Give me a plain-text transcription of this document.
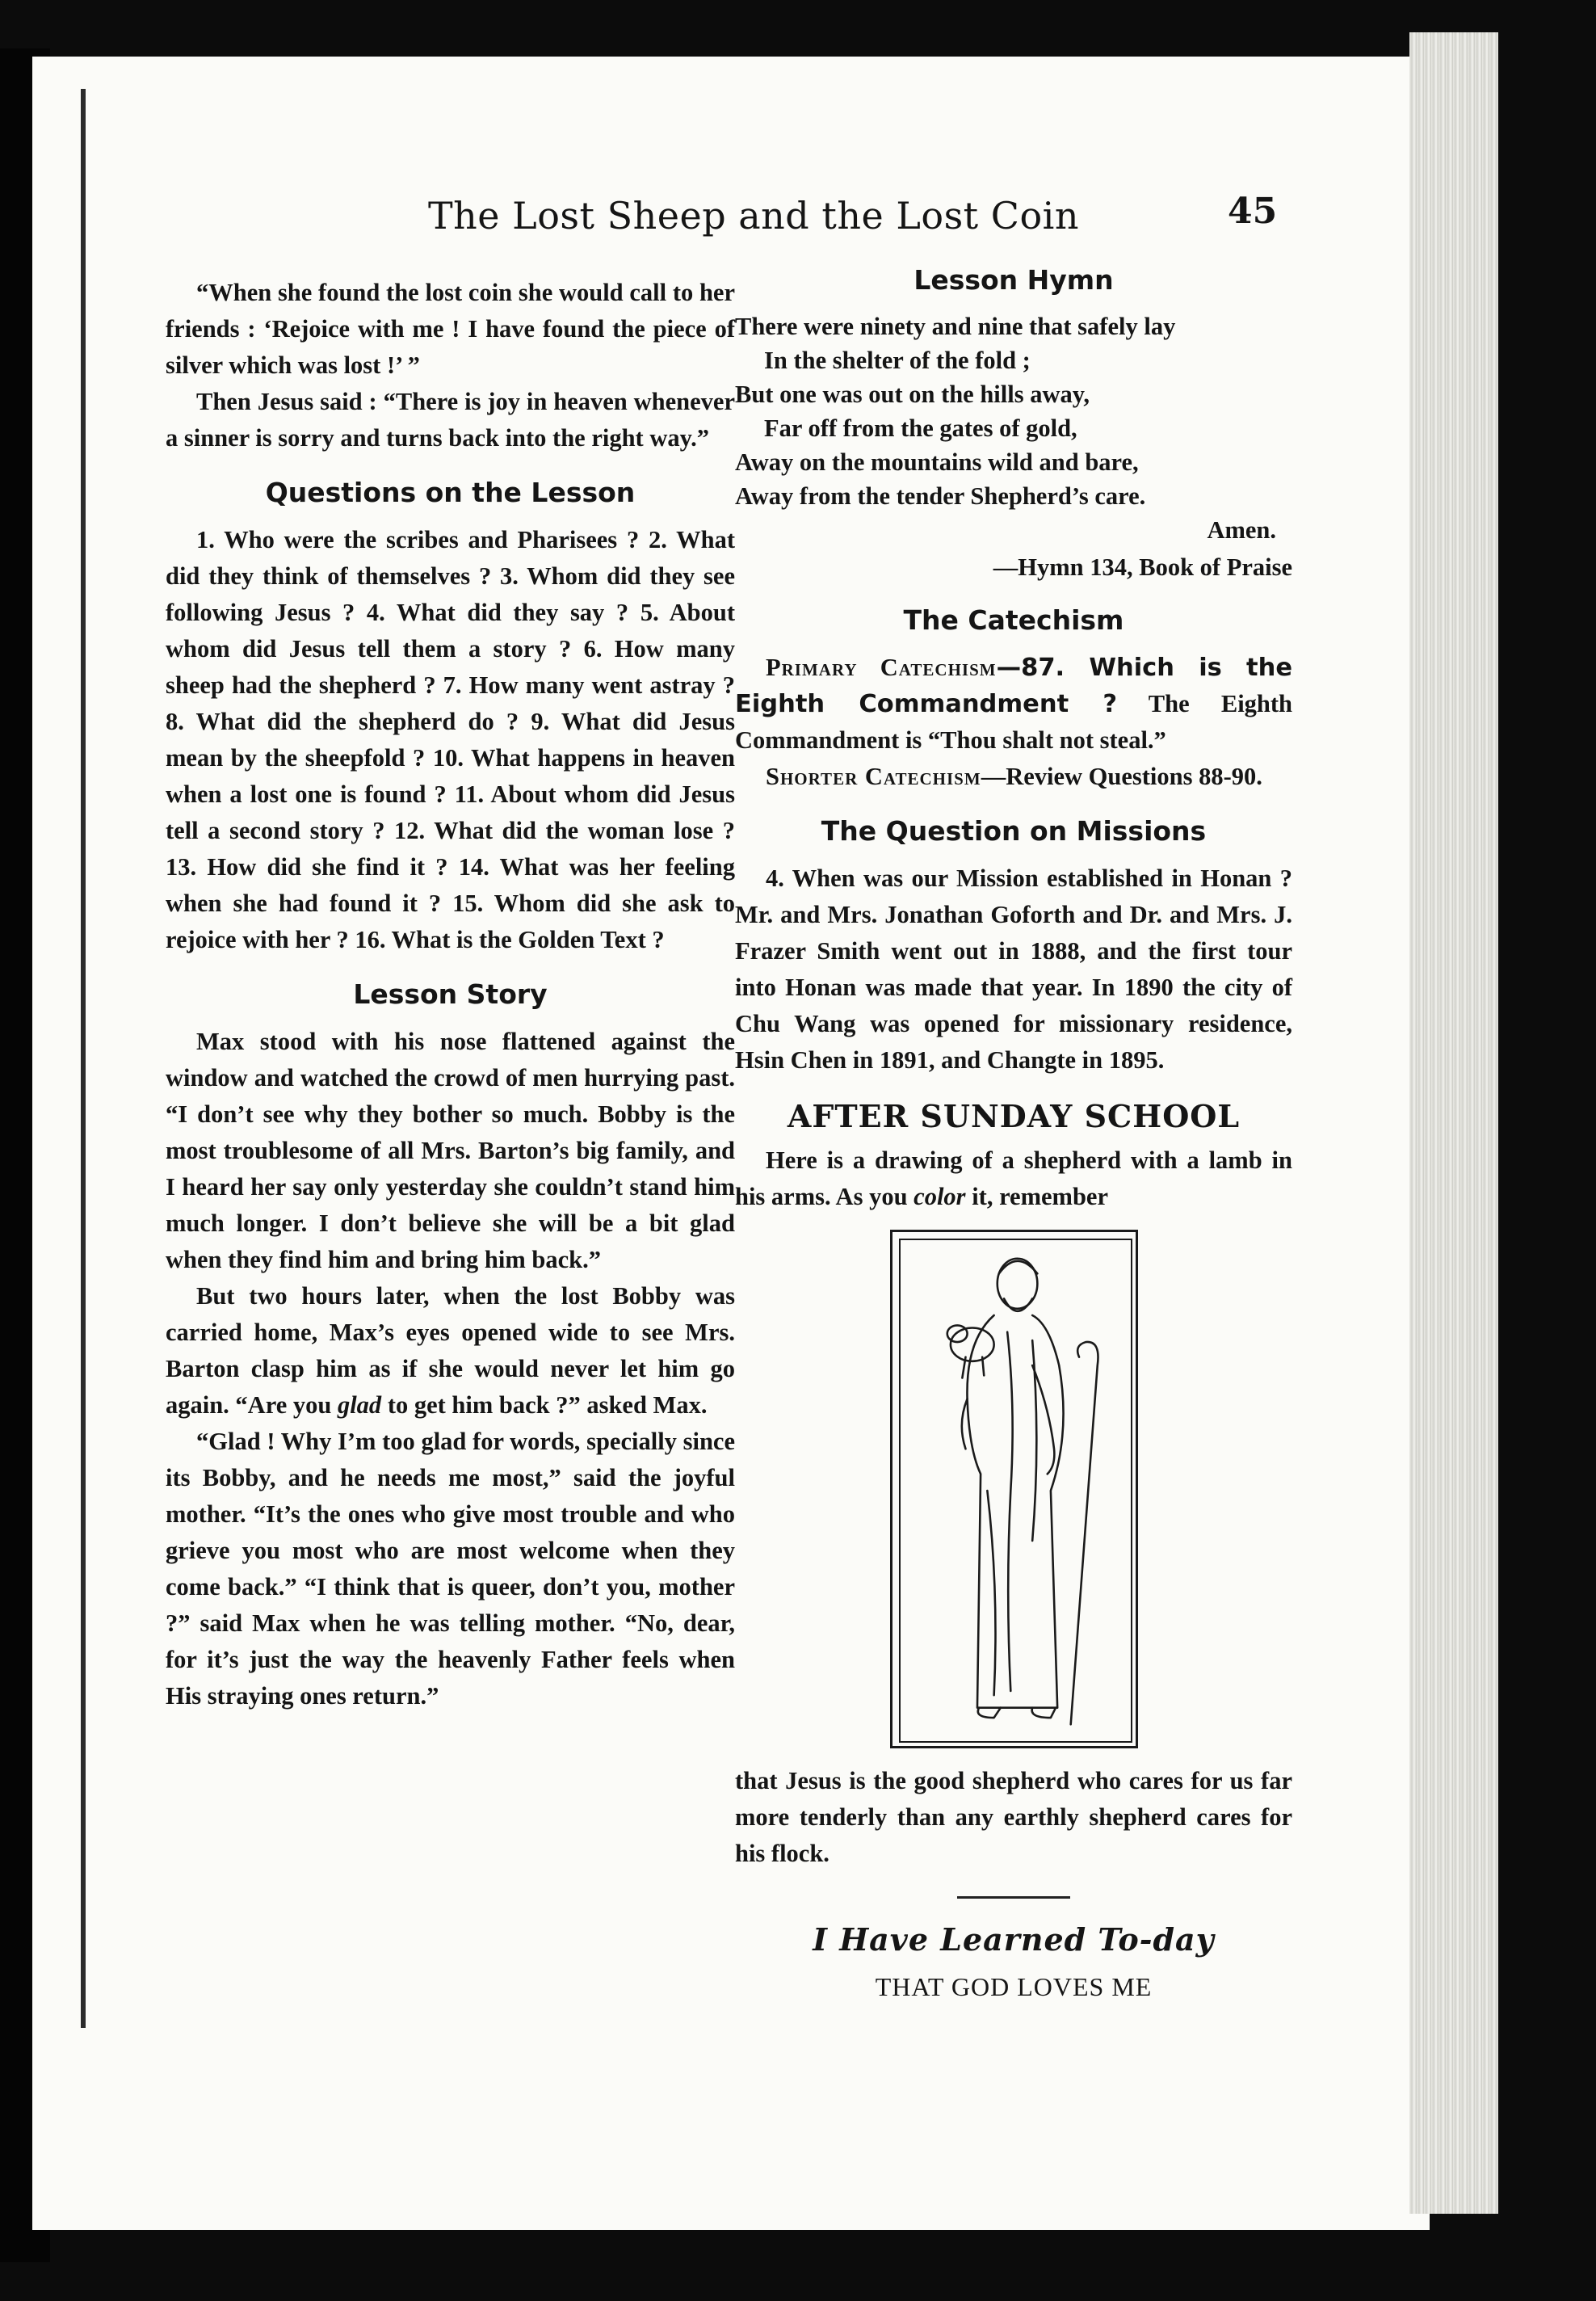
The Lost Sheep and the Lost Coin	45

“When she found the lost coin she would call to her friends : ‘Rejoice with me ! I have found the piece of silver which was lost !’ ”

Then Jesus said : “There is joy in heaven whenever a sinner is sorry and turns back into the right way.”

Questions on the Lesson

1. Who were the scribes and Pharisees ? 2. What did they think of themselves ? 3. Whom did they see following Jesus ? 4. What did they say ? 5. About whom did Jesus tell them a story ? 6. How many sheep had the shepherd ? 7. How many went astray ? 8. What did the shepherd do ? 9. What did Jesus mean by the sheepfold ? 10. What happens in heaven when a lost one is found ? 11. About whom did Jesus tell a second story ? 12. What did the woman lose ? 13. How did she find it ? 14. What was her feeling when she had found it ? 15. Whom did she ask to rejoice with her ? 16. What is the Golden Text ?

Lesson Story

Max stood with his nose flattened against the window and watched the crowd of men hurrying past. “I don’t see why they bother so much. Bobby is the most troublesome of all Mrs. Barton’s big family, and I heard her say only yesterday she couldn’t stand him much longer. I don’t believe she will be a bit glad when they find him and bring him back.”

But two hours later, when the lost Bobby was carried home, Max’s eyes opened wide to see Mrs. Barton clasp him as if she would never let him go again. “Are you glad to get him back ?” asked Max.

“Glad ! Why I’m too glad for words, specially since its Bobby, and he needs me most,” said the joyful mother. “It’s the ones who give most trouble and who grieve you most who are most welcome when they come back.” “I think that is queer, don’t you, mother ?” said Max when he was telling mother. “No, dear, for it’s just the way the heavenly Father feels when His straying ones return.”

Lesson Hymn
There were ninety and nine that safely lay
In the shelter of the fold ;
But one was out on the hills away,
Far off from the gates of gold,
Away on the mountains wild and bare,
Away from the tender Shepherd’s care.
Amen.
—Hymn 134, Book of Praise
The Catechism

Primary Catechism—87. Which is the Eighth Commandment ? The Eighth Commandment is “Thou shalt not steal.”

Shorter Catechism—Review Questions 88-90.

The Question on Missions

4. When was our Mission established in Honan ? Mr. and Mrs. Jonathan Goforth and Dr. and Mrs. J. Frazer Smith went out in 1888, and the first tour into Honan was made that year. In 1890 the city of Chu Wang was opened for missionary residence, Hsin Chen in 1891, and Changte in 1895.

AFTER SUNDAY SCHOOL

Here is a drawing of a shepherd with a lamb in his arms. As you color it, remember

that Jesus is the good shepherd who cares for us far more tenderly than any earthly shepherd cares for his flock.

I Have Learned To-day
THAT GOD LOVES ME
